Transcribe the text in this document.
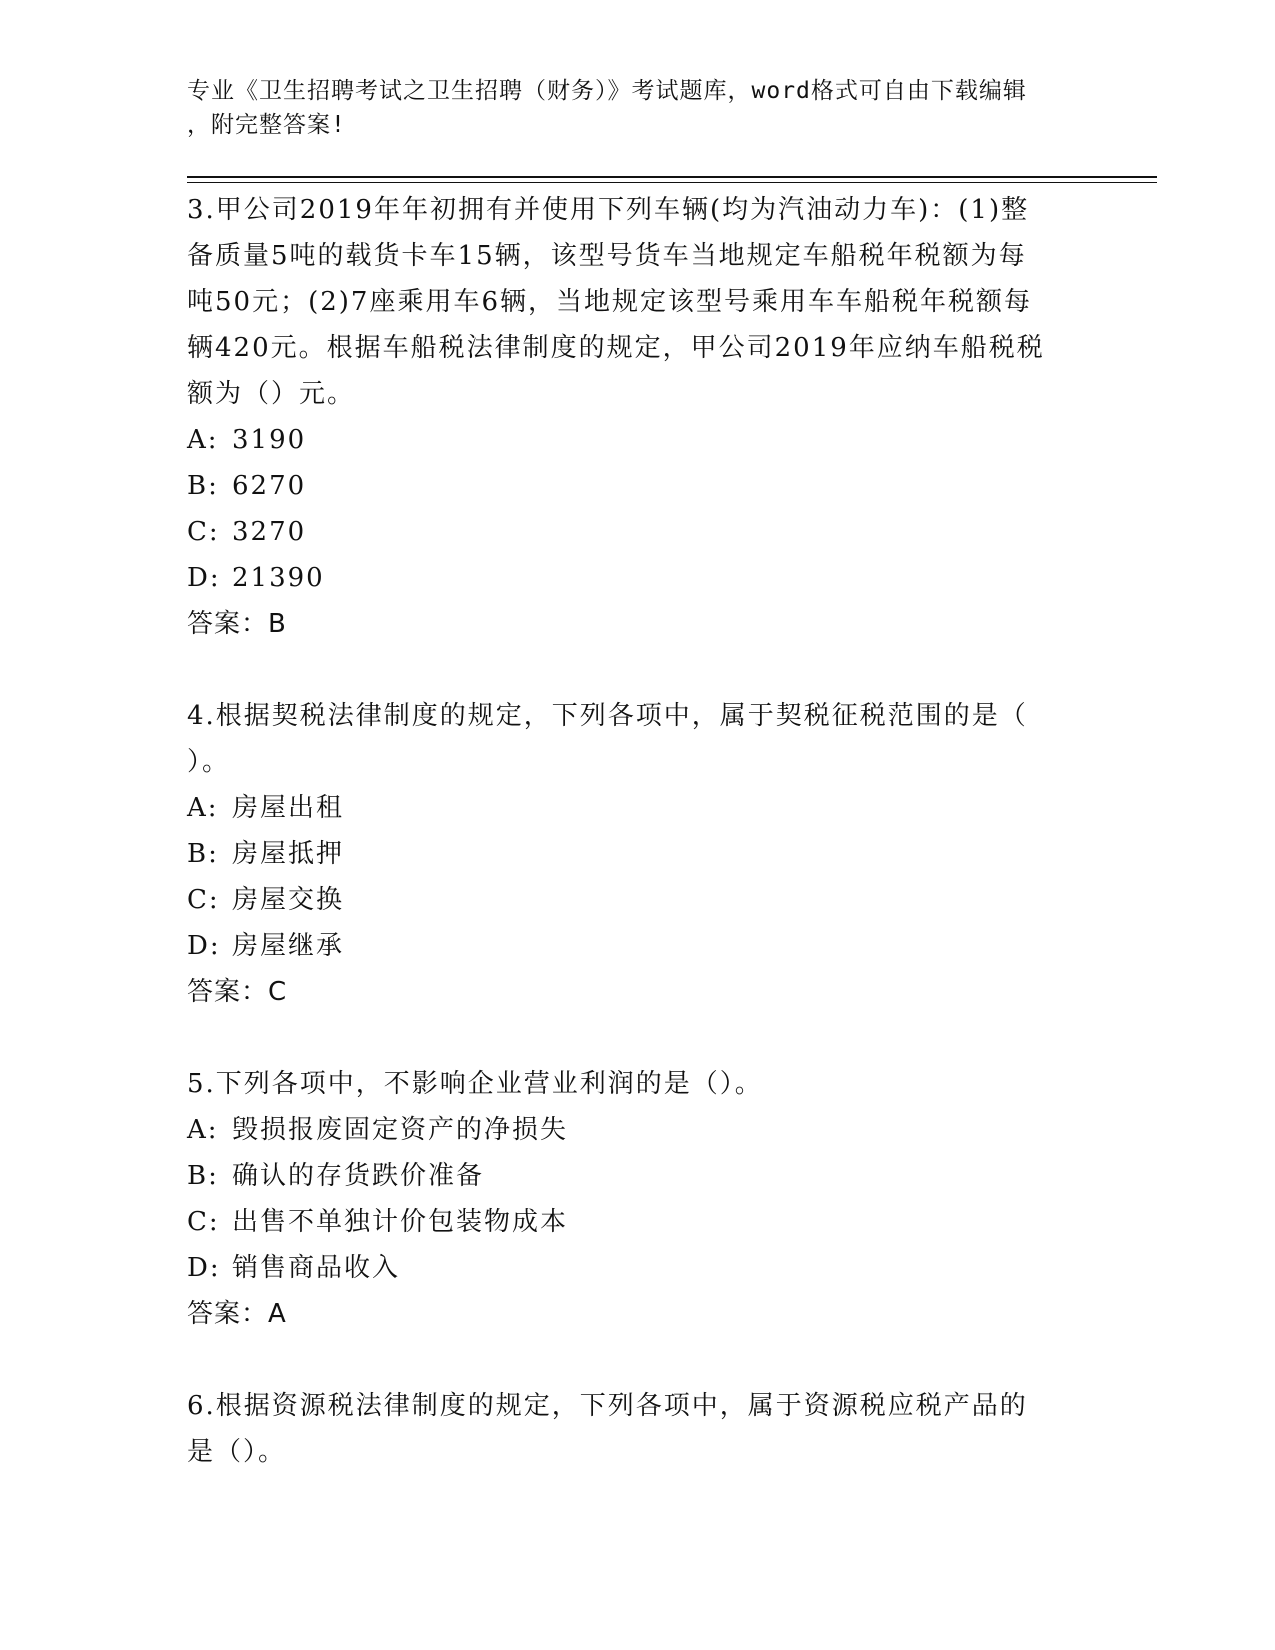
专业《卫生招聘考试之卫生招聘（财务）》考试题库，word格式可自由下载编辑
，附完整答案!

3.甲公司2019年年初拥有并使用下列车辆(均为汽油动力车)：(1)整

备质量5吨的载货卡车15辆，该型号货车当地规定车船税年税额为每

吨50元；(2)7座乘用车6辆，当地规定该型号乘用车车船税年税额每

辆420元。根据车船税法律制度的规定，甲公司2019年应纳车船税税

额为（）元。

A: 3190

B: 6270

C: 3270

D: 21390

答案：B

4.根据契税法律制度的规定，下列各项中，属于契税征税范围的是（

）。

A: 房屋出租

B: 房屋抵押

C: 房屋交换

D: 房屋继承

答案：C

5.下列各项中，不影响企业营业利润的是（）。

A: 毁损报废固定资产的净损失

B: 确认的存货跌价准备

C: 出售不单独计价包装物成本

D: 销售商品收入

答案：A

6.根据资源税法律制度的规定，下列各项中，属于资源税应税产品的

是（）。
